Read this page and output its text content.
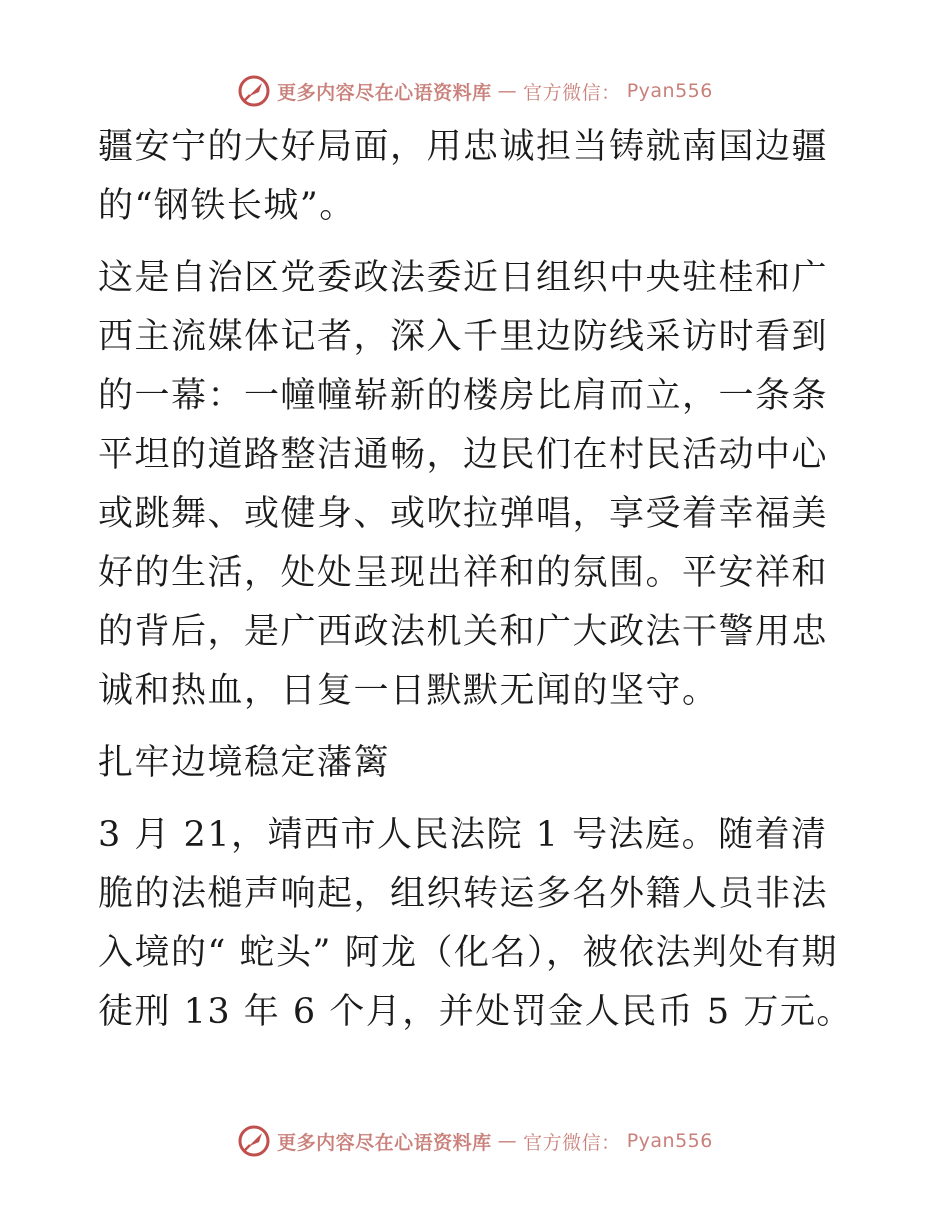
更多内容尽在心语资料库 — 官方微信： Pyan556

疆安宁的大好局面，用忠诚担当铸就南国边疆的“钢铁长城”。

这是自治区党委政法委近日组织中央驻桂和广西主流媒体记者，深入千里边防线采访时看到的一幕：一幢幢崭新的楼房比肩而立，一条条平坦的道路整洁通畅，边民们在村民活动中心或跳舞、或健身、或吹拉弹唱，享受着幸福美好的生活，处处呈现出祥和的氛围。平安祥和的背后，是广西政法机关和广大政法干警用忠诚和热血，日复一日默默无闻的坚守。

扎牢边境稳定藩篱

3 月 21，靖西市人民法院 1 号法庭。随着清脆的法槌声响起，组织转运多名外籍人员非法入境的“ 蛇头” 阿龙（化名），被依法判处有期徒刑 13 年 6 个月，并处罚金人民币 5 万元。

更多内容尽在心语资料库 — 官方微信： Pyan556
